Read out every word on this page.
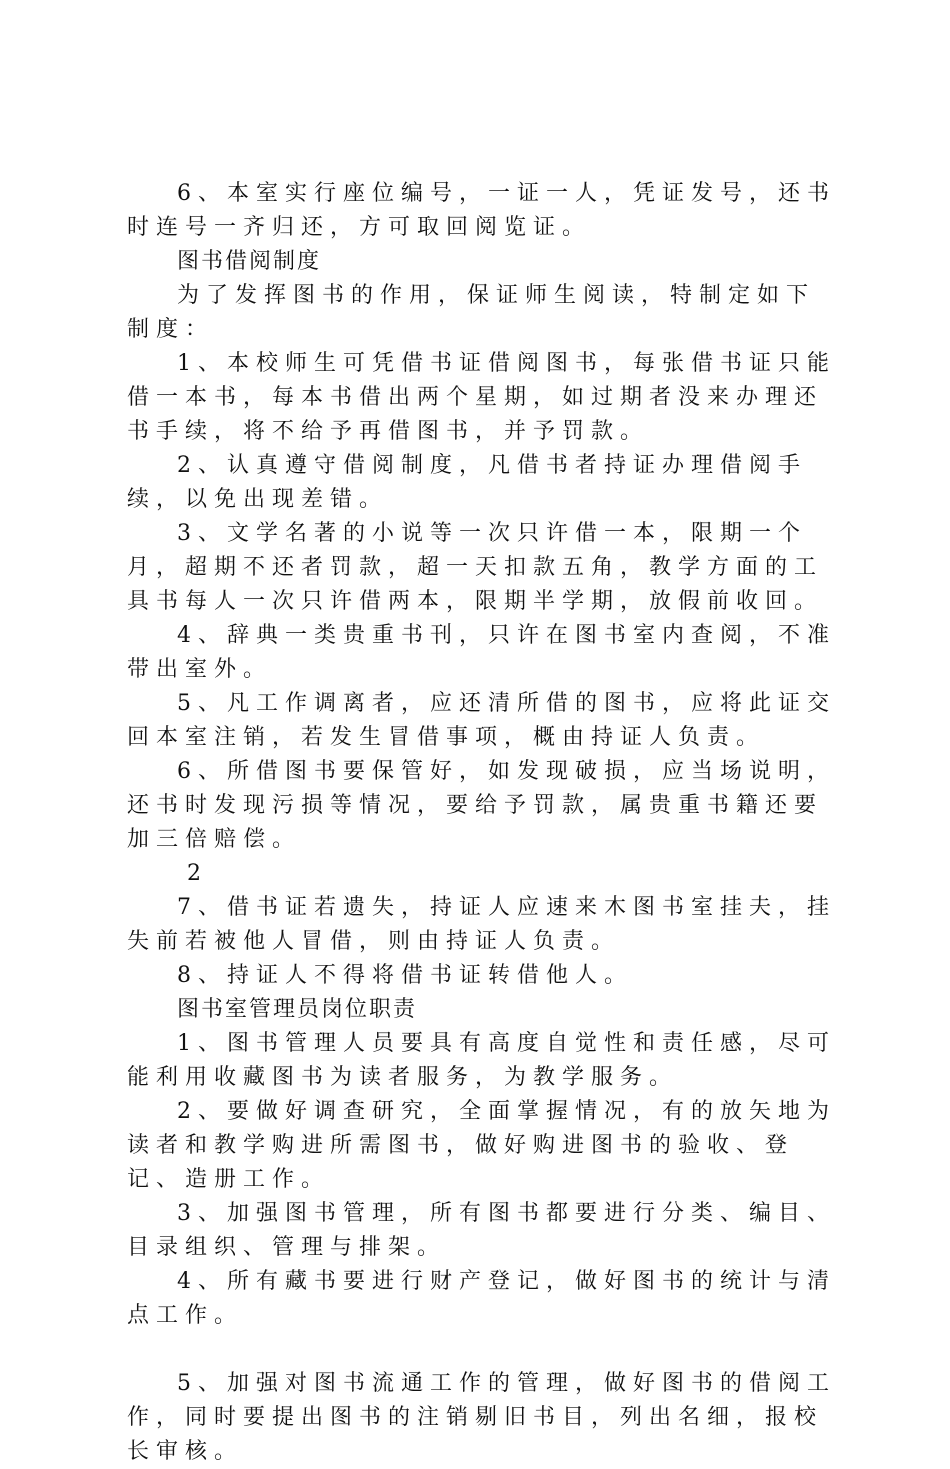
6、本室实行座位编号，一证一人，凭证发号，还书时连号一齐归还，方可取回阅览证。

图书借阅制度

为了发挥图书的作用，保证师生阅读，特制定如下制度：

1、本校师生可凭借书证借阅图书，每张借书证只能借一本书，每本书借出两个星期，如过期者没来办理还书手续，将不给予再借图书，并予罚款。

2、认真遵守借阅制度，凡借书者持证办理借阅手续，以免出现差错。

3、文学名著的小说等一次只许借一本，限期一个月，超期不还者罚款，超一天扣款五角，教学方面的工具书每人一次只许借两本，限期半学期，放假前收回。

4、辞典一类贵重书刊，只许在图书室内查阅，不准带出室外。

5、凡工作调离者，应还清所借的图书，应将此证交回本室注销，若发生冒借事项，概由持证人负责。

6、所借图书要保管好，如发现破损，应当场说明，还书时发现污损等情况，要给予罚款，属贵重书籍还要加三倍赔偿。

2

7、借书证若遗失，持证人应速来木图书室挂夫，挂失前若被他人冒借，则由持证人负责。

8、持证人不得将借书证转借他人。

图书室管理员岗位职责

1、图书管理人员要具有高度自觉性和责任感，尽可能利用收藏图书为读者服务，为教学服务。

2、要做好调查研究，全面掌握情况，有的放矢地为读者和教学购进所需图书，做好购进图书的验收、登记、造册工作。

3、加强图书管理，所有图书都要进行分类、编目、目录组织、管理与排架。

4、所有藏书要进行财产登记，做好图书的统计与清点工作。

5、加强对图书流通工作的管理，做好图书的借阅工作，同时要提出图书的注销剔旧书目，列出名细，报校长审核。
